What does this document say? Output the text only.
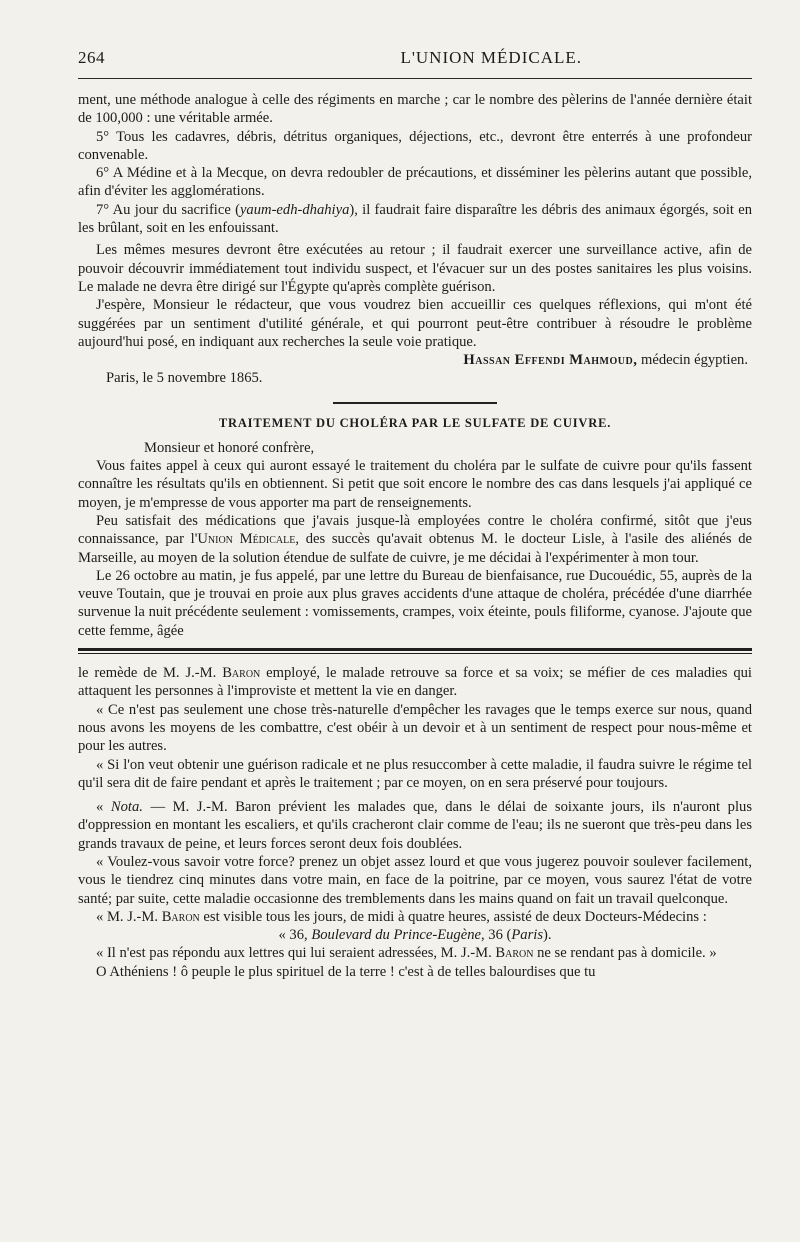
264	L'UNION MÉDICALE.

ment, une méthode analogue à celle des régiments en marche ; car le nombre des pèlerins de l'année dernière était de 100,000 : une véritable armée.

5° Tous les cadavres, débris, détritus organiques, déjections, etc., devront être enterrés à une profondeur convenable.

6° A Médine et à la Mecque, on devra redoubler de précautions, et disséminer les pèlerins autant que possible, afin d'éviter les agglomérations.

7° Au jour du sacrifice (yaum-edh-dhahiya), il faudrait faire disparaître les débris des animaux égorgés, soit en les brûlant, soit en les enfouissant.

Les mêmes mesures devront être exécutées au retour ; il faudrait exercer une surveillance active, afin de pouvoir découvrir immédiatement tout individu suspect, et l'évacuer sur un des postes sanitaires les plus voisins. Le malade ne devra être dirigé sur l'Égypte qu'après complète guérison.

J'espère, Monsieur le rédacteur, que vous voudrez bien accueillir ces quelques réflexions, qui m'ont été suggérées par un sentiment d'utilité générale, et qui pourront peut-être contribuer à résoudre le problème aujourd'hui posé, en indiquant aux recherches la seule voie pratique.

Hassan Effendi Mahmoud, médecin égyptien.
Paris, le 5 novembre 1865.
TRAITEMENT DU CHOLÉRA PAR LE SULFATE DE CUIVRE.
Monsieur et honoré confrère,

Vous faites appel à ceux qui auront essayé le traitement du choléra par le sulfate de cuivre pour qu'ils fassent connaître les résultats qu'ils en obtiennent. Si petit que soit encore le nombre des cas dans lesquels j'ai appliqué ce moyen, je m'empresse de vous apporter ma part de renseignements.

Peu satisfait des médications que j'avais jusque-là employées contre le choléra confirmé, sitôt que j'eus connaissance, par l'Union Médicale, des succès qu'avait obtenus M. le docteur Lisle, à l'asile des aliénés de Marseille, au moyen de la solution étendue de sulfate de cuivre, je me décidai à l'expérimenter à mon tour.

Le 26 octobre au matin, je fus appelé, par une lettre du Bureau de bienfaisance, rue Ducouédic, 55, auprès de la veuve Toutain, que je trouvai en proie aux plus graves accidents d'une attaque de choléra, précédée d'une diarrhée survenue la nuit précédente seulement : vomissements, crampes, voix éteinte, pouls filiforme, cyanose. J'ajoute que cette femme, âgée

le remède de M. J.-M. Baron employé, le malade retrouve sa force et sa voix; se méfier de ces maladies qui attaquent les personnes à l'improviste et mettent la vie en danger.

« Ce n'est pas seulement une chose très-naturelle d'empêcher les ravages que le temps exerce sur nous, quand nous avons les moyens de les combattre, c'est obéir à un devoir et à un sentiment de respect pour nous-même et pour les autres.

« Si l'on veut obtenir une guérison radicale et ne plus resuccomber à cette maladie, il faudra suivre le régime tel qu'il sera dit de faire pendant et après le traitement ; par ce moyen, on en sera préservé pour toujours.

« Nota. — M. J.-M. Baron prévient les malades que, dans le délai de soixante jours, ils n'auront plus d'oppression en montant les escaliers, et qu'ils cracheront clair comme de l'eau; ils ne sueront que très-peu dans les grands travaux de peine, et leurs forces seront deux fois doublées.

« Voulez-vous savoir votre force? prenez un objet assez lourd et que vous jugerez pouvoir soulever facilement, vous le tiendrez cinq minutes dans votre main, en face de la poitrine, par ce moyen, vous saurez l'état de votre santé; par suite, cette maladie occasionne des tremblements dans les mains quand on fait un travail quelconque.

« M. J.-M. Baron est visible tous les jours, de midi à quatre heures, assisté de deux Docteurs-Médecins :

« 36, Boulevard du Prince-Eugène, 36 (Paris).

« Il n'est pas répondu aux lettres qui lui seraient adressées, M. J.-M. Baron ne se rendant pas à domicile. »

O Athéniens ! ô peuple le plus spirituel de la terre ! c'est à de telles balourdises que tu
